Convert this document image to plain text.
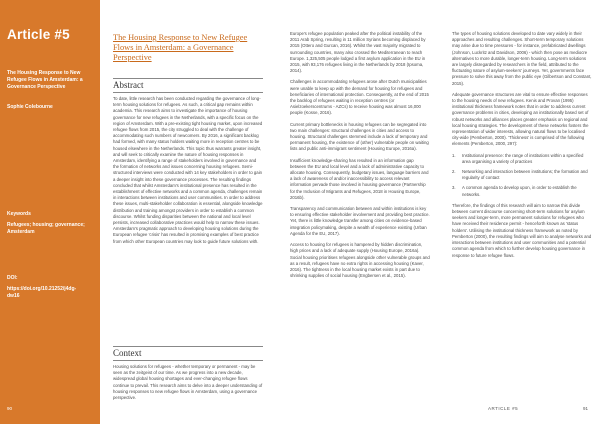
Article #5
The Housing Response to New Refugee Flows in Amsterdam: a Governance Perspective
Sophie Colebourne
Keywords
Refugees; housing; governance; Amsterdam
DOI:
https://doi.org/10.21252/j4dg-dw16
90
The Housing Response to New Refugee Flows in Amsterdam: a Governance Perspective
Abstract

To date, little research has been conducted regarding the governance of long-term housing solutions for refugees. As such, a critical gap remains within academia. This research aims to investigate the importance of housing governance for new refugees in the Netherlands, with a specific focus on the region of Amsterdam. With a pre-existing tight housing market, upon increased refugee flows from 2015, the city struggled to deal with the challenge of accommodating such numbers of newcomers. By 2016, a significant backlog had formed, with many status holders waiting more in reception centres to be housed elsewhere in the Netherlands. This topic thus warrants greater insight, and will seek to critically examine the nature of housing responses in Amsterdam, identifying a range of stakeholders involved in governance and the formation of networks and issues concerning housing refugees. Semi-structured interviews were conducted with 14 key stakeholders in order to gain a deeper insight into these governance processes. The resulting findings concluded that whilst Amsterdam's institutional presence has resulted in the establishment of effective networks and a common agenda, challenges remain in interactions between institutions and user communities. In order to address these issues, multi-stakeholder collaboration is essential, alongside knowledge distribution and training amongst providers in order to establish a common discourse. Whilst funding disparities between the national and local level persists, increased collaborative practices would help to narrow these issues. Amsterdam's pragmatic approach to developing housing solutions during the European refugee 'crisis' has resulted in promising examples of best practice from which other European countries may look to guide future solutions with.

Context

Housing solutions for refugees - whether temporary or permanent - may be seen as the zeitgeist of our time. As we progress into a new decade, widespread global housing shortages and ever-changing refugee flows continue to prevail. This research aims to delve into a deeper understanding of housing responses to new refugee flows in Amsterdam, using a governance perspective.

Europe's refugee population peaked after the political instability of the 2011 Arab Spring, resulting in 11 million Syrians becoming displaced by 2015 (Ottero and Gurcan, 2016). Whilst the vast majority migrated to surrounding countries, many also crossed the Mediterranean to reach Europe. 1,325,505 people lodged a first asylum application in the EU in 2015, with 93,176 refugees living in the Netherlands by 2018 (Ipsoma, 2014).

Challenges in accommodating refugees arose after Dutch municipalities were unable to keep up with the demand for housing for refugees and beneficiaries of international protection. Consequently, at the end of 2015 the backlog of refugees waiting in reception centres (or Asielzoekerscentrums - AZCs) to receive housing was almost 16,000 people (Kosse, 2016).

Current primary bottlenecks in housing refugees can be segregated into two main challenges: structural challenges in cities and access to housing. Structural challenges stemmed include a lack of temporary and permanent housing, the existence of (other) vulnerable people on waiting lists and public anti-immigrant sentiment (Housing Europe, 2016a).

Insufficient knowledge-sharing has resulted in an information gap between the EU and local level and a lack of administrative capacity to allocate housing. Consequently, budgetary issues, language barriers and a lack of awareness of and/or inaccessibility to access relevant information pervade those involved in housing governance (Partnership for the Inclusion of Migrants and Refugees, 2018 in Housing Europe, 2016b).

Transparency and communication between and within institutions is key to ensuring effective stakeholder involvement and providing best practice. Yet, there is little knowledge transfer among cities on evidence-based integration policymaking, despite a wealth of experience existing (Urban Agenda for the EU, 2017).

Access to housing for refugees is hampered by hidden discrimination, high prices and a lack of adequate supply (Housing Europe, 2016a). Social housing prioritises refugees alongside other vulnerable groups and as a result, refugees have no extra rights in accessing housing (Kaver, 2016). The tightness in the local housing market exists in part due to shrinking supplies of social housing (Engbersen et al., 2015).

The types of housing solutions developed to date vary widely in their approaches and resulting challenges. Short-term temporary solutions may arise due to time pressures - for instance, prefabricated dwellings (Johnson, Luckritz and Davidson, 2006) - which then pose as mediocre alternatives to more durable, longer-term housing. Long-term solutions are largely disregarded by researchers in the field, attributed to the fluctuating nature of asylum-seekers' journeys. Yet, governments face pressure to solve this away from the public eye (Gilbertson and Constant, 2015).

Adequate governance structures are vital to ensure effective responses to the housing needs of new refugees. Kenis and Provan (1995) institutional thickness framework notes that in order to address current governance problems in cities, developing an institutionally based set of robust networks and alliances places greater emphasis on regional and local housing strategies. The development of these networks fosters the representation of wider interests, allowing natural flows to be localised city-wide (Pemberton, 2000). 'Thickness' is comprised of the following elements (Pemberton, 2000, 297):

1. Institutional presence: the range of institutions within a specified area organising a variety of practices
2. Networking and interaction between institutions; the formation and regularity of contact
3. A common agenda to develop upon, in order to establish the networks.

Therefore, the findings of this research will aim to narrow this divide between current discourse concerning short-term solutions for asylum seekers and longer-term, more permanent solutions for refugees who have received their residence permit - henceforth known as 'status holders'. Utilising the institutional thickness framework as noted by Pemberton (2000), the resulting findings will aim to analyse networks and interactions between institutions and user communities and a potential common agenda from which to further develop housing governance in response to future refugee flows.

ARTICLE #5	91
